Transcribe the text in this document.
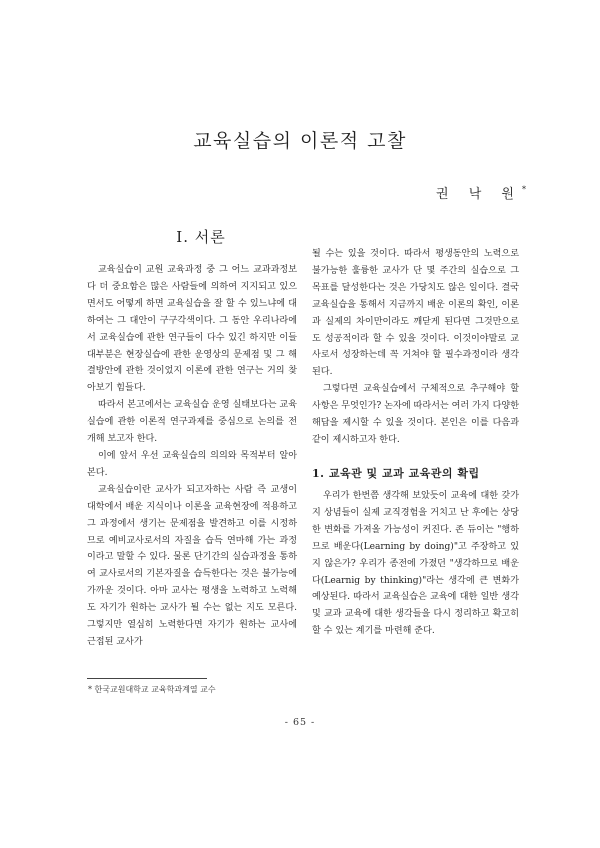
교육실습의 이론적 고찰
권 낙 원*
Ⅰ. 서론

교육실습이 교원 교육과정 중 그 어느 교과과정보다 더 중요함은 많은 사람들에 의하여 지지되고 있으면서도 어떻게 하면 교육실습을 잘 할 수 있느냐에 대하여는 그 대안이 구구각색이다. 그 동안 우리나라에서 교육실습에 관한 연구들이 다수 있긴 하지만 이들 대부분은 현장실습에 관한 운영상의 문제점 및 그 해결방안에 관한 것이었지 이론에 관한 연구는 거의 찾아보기 힘들다.

따라서 본고에서는 교육실습 운영 실태보다는 교육실습에 관한 이론적 연구과제를 중심으로 논의를 전개해 보고자 한다.

이에 앞서 우선 교육실습의 의의와 목적부터 알아본다.

교육실습이란 교사가 되고자하는 사람 즉 교생이 대학에서 배운 지식이나 이론을 교육현장에 적용하고 그 과정에서 생기는 문제점을 발견하고 이를 시정하므로 예비교사로서의 자질을 습득 연마해 가는 과정이라고 말할 수 있다. 물론 단기간의 실습과정을 통하여 교사로서의 기본자질을 습득한다는 것은 불가능에 가까운 것이다. 아마 교사는 평생을 노력하고 노력해도 자기가 원하는 교사가 될 수는 없는 지도 모른다. 그렇지만 열심히 노력한다면 자기가 원하는 교사에 근접된 교사가

될 수는 있을 것이다. 따라서 평생동안의 노력으로 불가능한 훌륭한 교사가 단 몇 주간의 실습으로 그 목표를 달성한다는 것은 가당치도 않은 일이다. 결국 교육실습을 통해서 지금까지 배운 이론의 확인, 이론과 실제의 차이만이라도 깨닫게 된다면 그것만으로도 성공적이라 할 수 있을 것이다. 이것이야말로 교사로서 성장하는데 꼭 거쳐야 할 필수과정이라 생각된다.

그렇다면 교육실습에서 구체적으로 추구해야 할 사항은 무엇인가? 논자에 따라서는 여러 가지 다양한 해답을 제시할 수 있을 것이다. 본인은 이를 다음과 같이 제시하고자 한다.

1. 교육관 및 교과 교육관의 확립

우리가 한번쯤 생각해 보았듯이 교육에 대한 갖가지 상념들이 실제 교직경험을 거치고 난 후에는 상당한 변화를 가져올 가능성이 커진다. 존 듀이는 "행하므로 배운다(Learning by doing)"고 주장하고 있지 않은가? 우리가 종전에 가졌던 "생각하므로 배운다(Learnig by thinking)"라는 생각에 큰 변화가 예상된다. 따라서 교육실습은 교육에 대한 일반 생각 및 교과 교육에 대한 생각들을 다시 정리하고 확고히 할 수 있는 계기를 마련해 준다.

* 한국교원대학교 교육학과계열 교수
- 65 -
